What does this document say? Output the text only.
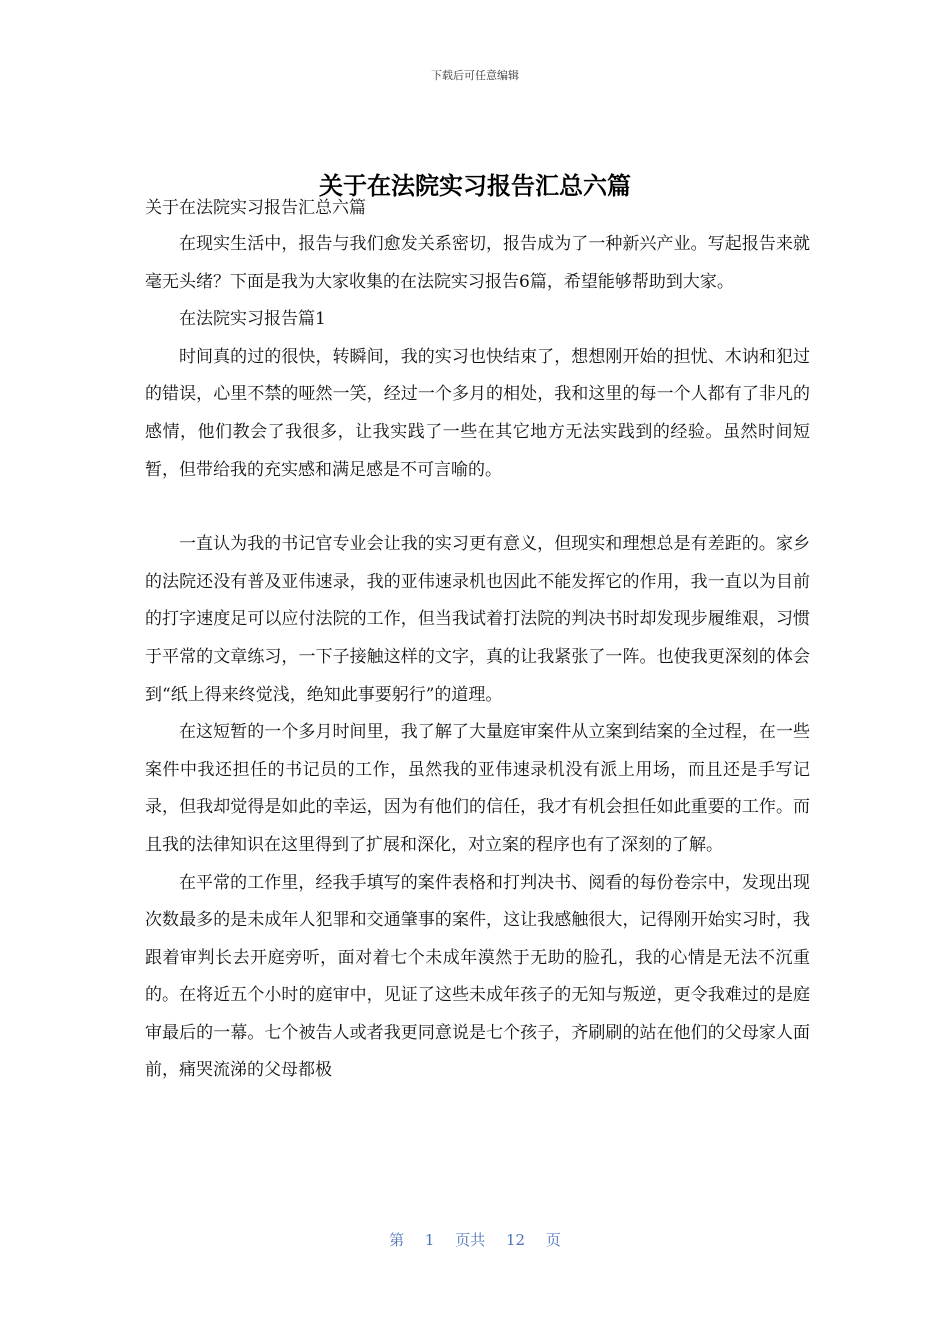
下载后可任意编辑
关于在法院实习报告汇总六篇

关于在法院实习报告汇总六篇

在现实生活中，报告与我们愈发关系密切，报告成为了一种新兴产业。写起报告来就毫无头绪？下面是我为大家收集的在法院实习报告6篇，希望能够帮助到大家。

在法院实习报告篇1

时间真的过的很快，转瞬间，我的实习也快结束了，想想刚开始的担忧、木讷和犯过的错误，心里不禁的哑然一笑，经过一个多月的相处，我和这里的每一个人都有了非凡的感情，他们教会了我很多，让我实践了一些在其它地方无法实践到的经验。虽然时间短暂，但带给我的充实感和满足感是不可言喻的。

一直认为我的书记官专业会让我的实习更有意义，但现实和理想总是有差距的。家乡的法院还没有普及亚伟速录，我的亚伟速录机也因此不能发挥它的作用，我一直以为目前的打字速度足可以应付法院的工作，但当我试着打法院的判决书时却发现步履维艰，习惯于平常的文章练习，一下子接触这样的文字，真的让我紧张了一阵。也使我更深刻的体会到“纸上得来终觉浅，绝知此事要躬行”的道理。

在这短暂的一个多月时间里，我了解了大量庭审案件从立案到结案的全过程，在一些案件中我还担任的书记员的工作，虽然我的亚伟速录机没有派上用场，而且还是手写记录，但我却觉得是如此的幸运，因为有他们的信任，我才有机会担任如此重要的工作。而且我的法律知识在这里得到了扩展和深化，对立案的程序也有了深刻的了解。

在平常的工作里，经我手填写的案件表格和打判决书、阅看的每份卷宗中，发现出现次数最多的是未成年人犯罪和交通肇事的案件，这让我感触很大，记得刚开始实习时，我跟着审判长去开庭旁听，面对着七个未成年漠然于无助的脸孔，我的心情是无法不沉重的。在将近五个小时的庭审中，见证了这些未成年孩子的无知与叛逆，更令我难过的是庭审最后的一幕。七个被告人或者我更同意说是七个孩子，齐刷刷的站在他们的父母家人面前，痛哭流涕的父母都极

第 1 页共 12 页
